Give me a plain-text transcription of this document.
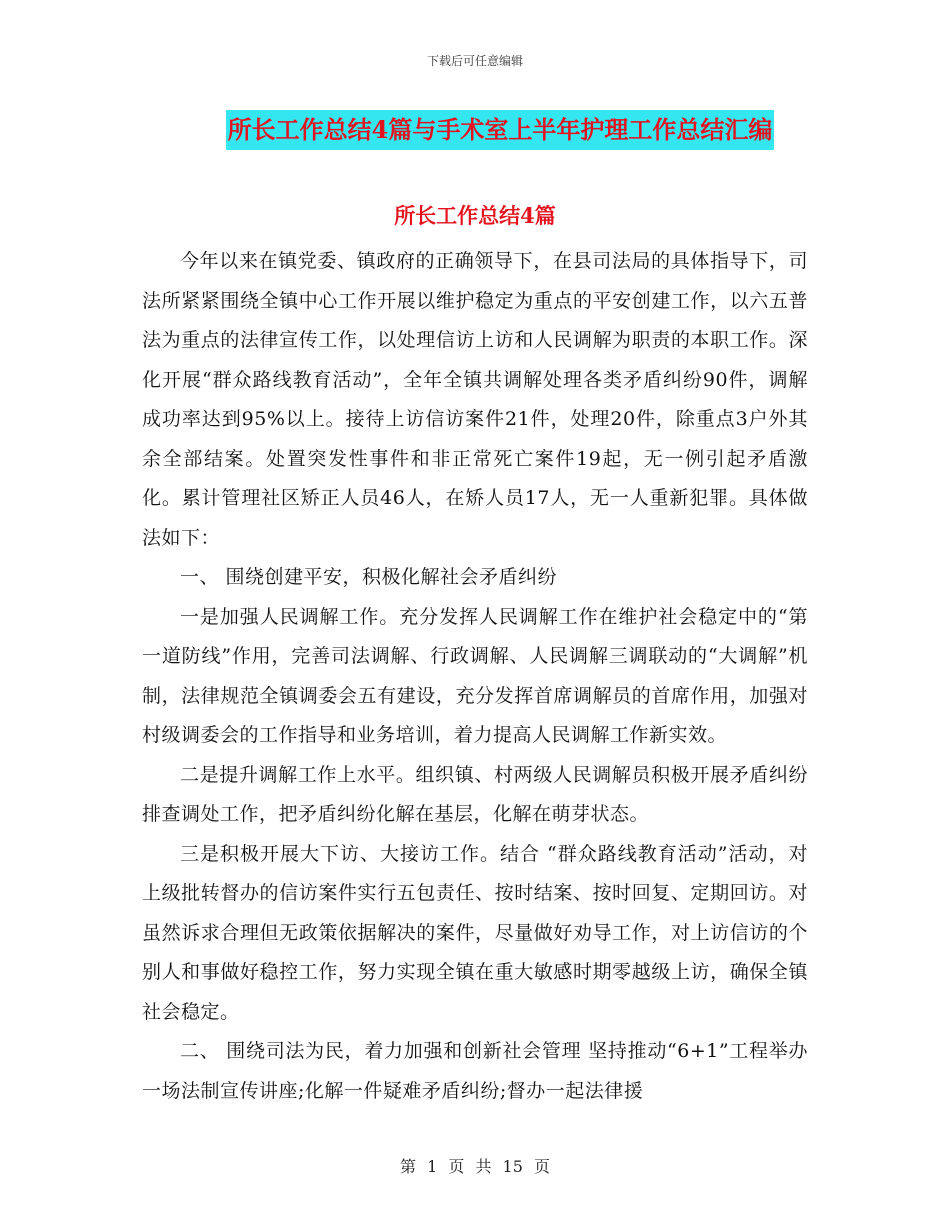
下载后可任意编辑
所长工作总结4篇与手术室上半年护理工作总结汇编
所长工作总结4篇

今年以来在镇党委、镇政府的正确领导下，在县司法局的具体指导下，司法所紧紧围绕全镇中心工作开展以维护稳定为重点的平安创建工作，以六五普法为重点的法律宣传工作，以处理信访上访和人民调解为职责的本职工作。深化开展“群众路线教育活动”，全年全镇共调解处理各类矛盾纠纷90件，调解成功率达到95%以上。接待上访信访案件21件，处理20件，除重点3户外其余全部结案。处置突发性事件和非正常死亡案件19起，无一例引起矛盾激化。累计管理社区矫正人员46人，在矫人员17人，无一人重新犯罪。具体做法如下：

一、 围绕创建平安，积极化解社会矛盾纠纷

一是加强人民调解工作。充分发挥人民调解工作在维护社会稳定中的“第一道防线”作用，完善司法调解、行政调解、人民调解三调联动的“大调解”机制，法律规范全镇调委会五有建设，充分发挥首席调解员的首席作用，加强对村级调委会的工作指导和业务培训，着力提高人民调解工作新实效。

二是提升调解工作上水平。组织镇、村两级人民调解员积极开展矛盾纠纷排查调处工作，把矛盾纠纷化解在基层，化解在萌芽状态。

三是积极开展大下访、大接访工作。结合 “群众路线教育活动”活动，对上级批转督办的信访案件实行五包责任、按时结案、按时回复、定期回访。对虽然诉求合理但无政策依据解决的案件，尽量做好劝导工作，对上访信访的个别人和事做好稳控工作，努力实现全镇在重大敏感时期零越级上访，确保全镇社会稳定。

二、 围绕司法为民，着力加强和创新社会管理 坚持推动“6+1”工程举办一场法制宣传讲座;化解一件疑难矛盾纠纷;督办一起法律援

第 1 页 共 15 页
